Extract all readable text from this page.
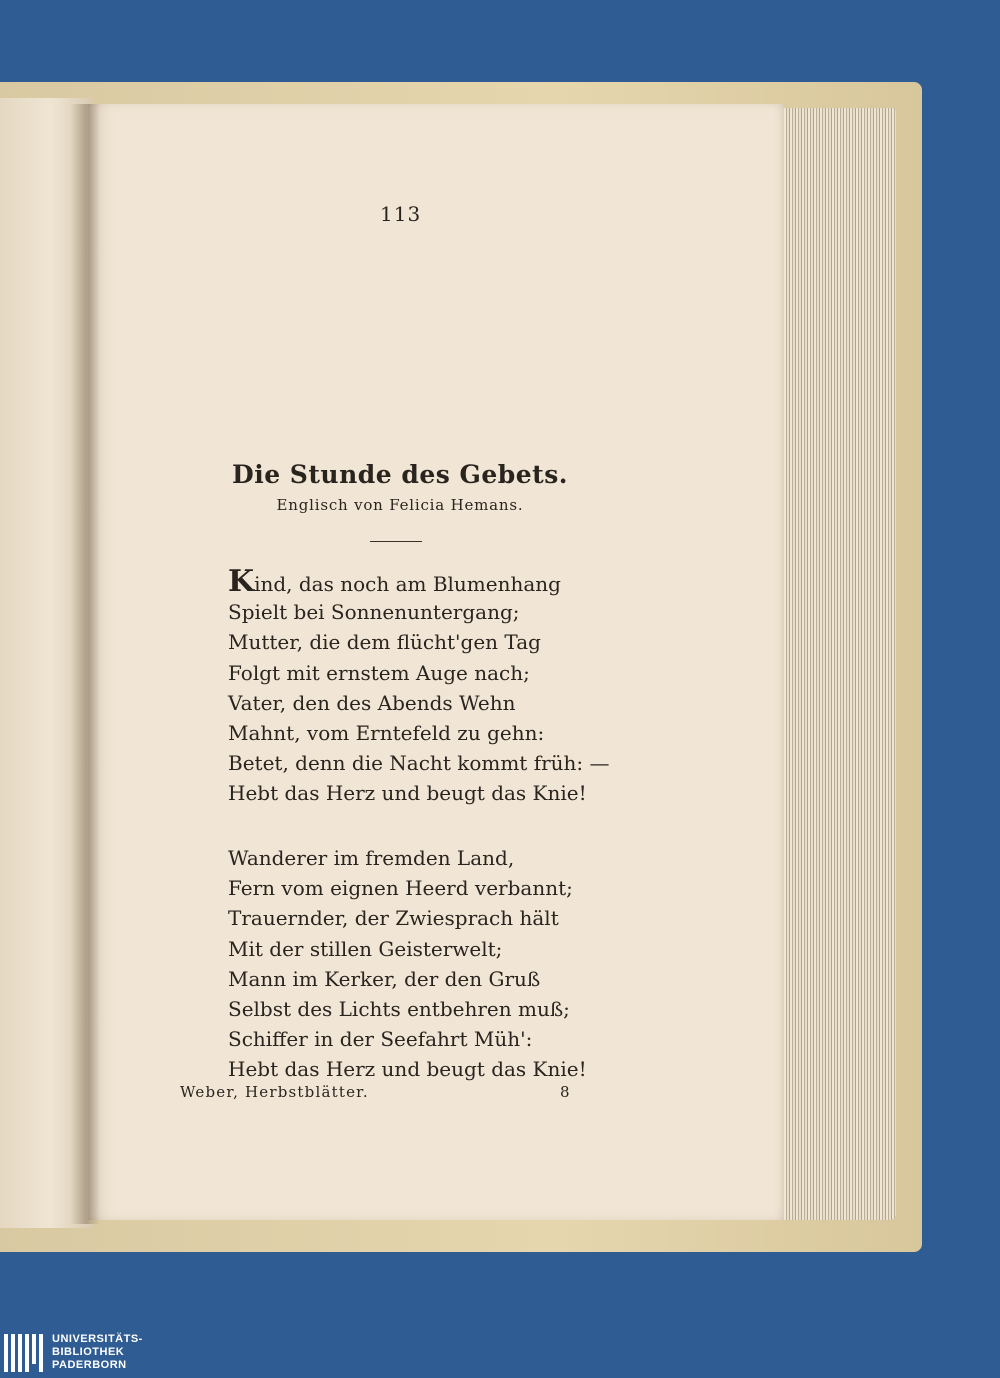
113
Die Stunde des Gebets.
Englisch von Felicia Hemans.
Kind, das noch am Blumenhang
Spielt bei Sonnenuntergang;
Mutter, die dem flücht'gen Tag
Folgt mit ernstem Auge nach;
Vater, den des Abends Wehn
Mahnt, vom Erntefeld zu gehn:
Betet, denn die Nacht kommt früh: —
Hebt das Herz und beugt das Knie!
Wanderer im fremden Land,
Fern vom eignen Heerd verbannt;
Trauernder, der Zwiesprach hält
Mit der stillen Geisterwelt;
Mann im Kerker, der den Gruß
Selbst des Lichts entbehren muß;
Schiffer in der Seefahrt Müh':
Hebt das Herz und beugt das Knie!
Weber, Herbstblätter.	8
UNIVERSITÄTS-
BIBLIOTHEK
PADERBORN
